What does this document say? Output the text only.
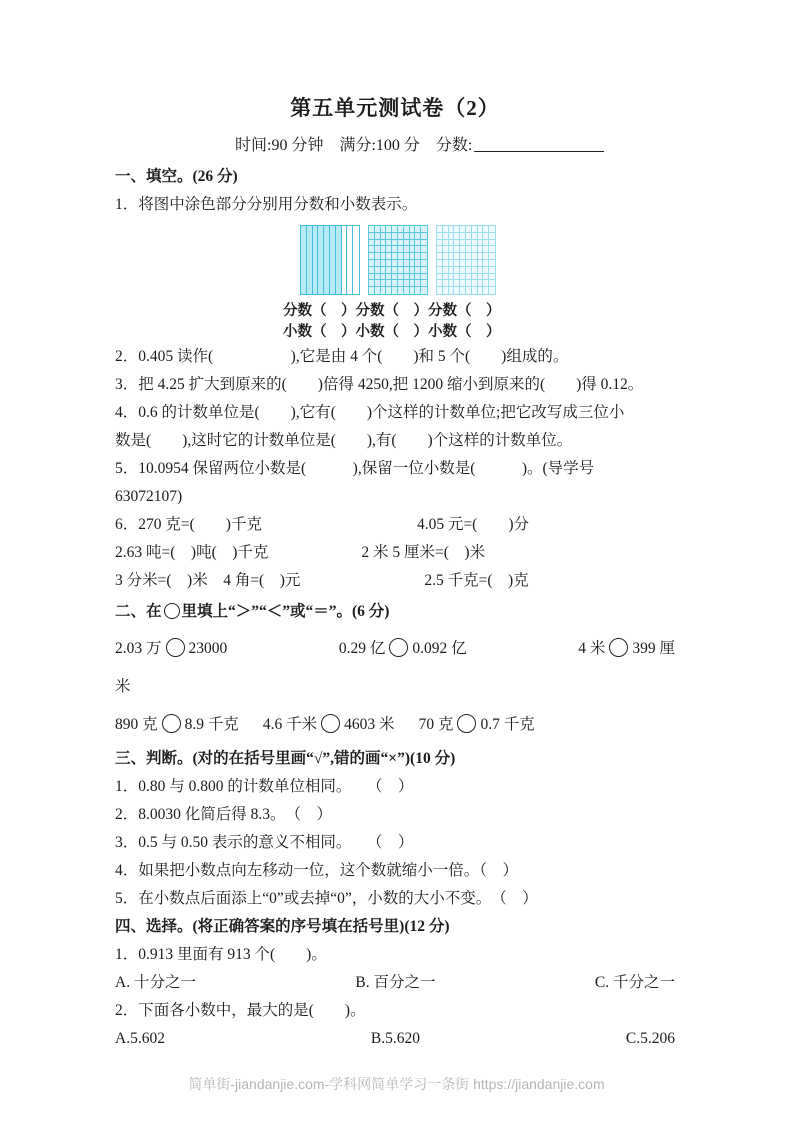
第五单元测试卷（2）
时间:90 分钟　满分:100 分　分数:
一、填空。(26 分)
1．将图中涂色部分分别用分数和小数表示。
分数（　）分数（　）分数（　）
小数（　）小数（　）小数（　）
2．0.405 读作(　　　　　),它是由 4 个(　　)和 5 个(　　)组成的。
3．把 4.25 扩大到原来的(　　)倍得 4250,把 1200 缩小到原来的(　　)得 0.12。
4．0.6 的计数单位是(　　),它有(　　)个这样的计数单位;把它改写成三位小
数是(　　),这时它的计数单位是(　　),有(　　)个这样的计数单位。
5．10.0954 保留两位小数是(　　　),保留一位小数是(　　　)。(导学号
63072107)
6．270 克=(　　)千克　　　　　　　　　　4.05 元=(　　)分
2.63 吨=(　)吨(　)千克　　　　　　2 米 5 厘米=(　)米
3 分米=(　)米　4 角=(　)元　　　　　　　　2.5 千克=(　)克
二、在 里填上“＞”“＜”或“＝”。(6 分)
2.03 万 23000	0.29 亿 0.092 亿	4 米 399 厘
米
890 克 8.9 千克 4.6 千米 4603 米 70 克 0.7 千克
三、判断。(对的在括号里画“√”,错的画“×”)(10 分)
1．0.80 与 0.800 的计数单位相同。　　（　）
2．8.0030 化简后得 8.3。　（　）
3．0.5 与 0.50 表示的意义不相同。　　（　）
4．如果把小数点向左移动一位，这个数就缩小一倍。（　）
5．在小数点后面添上“0”或去掉“0”，小数的大小不变。　（　）
四、选择。(将正确答案的序号填在括号里)(12 分)
1．0.913 里面有 913 个(　　)。
A. 十分之一	B. 百分之一	C. 千分之一
2．下面各小数中，最大的是(　　)。
A.5.602	B.5.620	C.5.206
简单街-jiandanjie.com-学科网简单学习一条街 https://jiandanjie.com
